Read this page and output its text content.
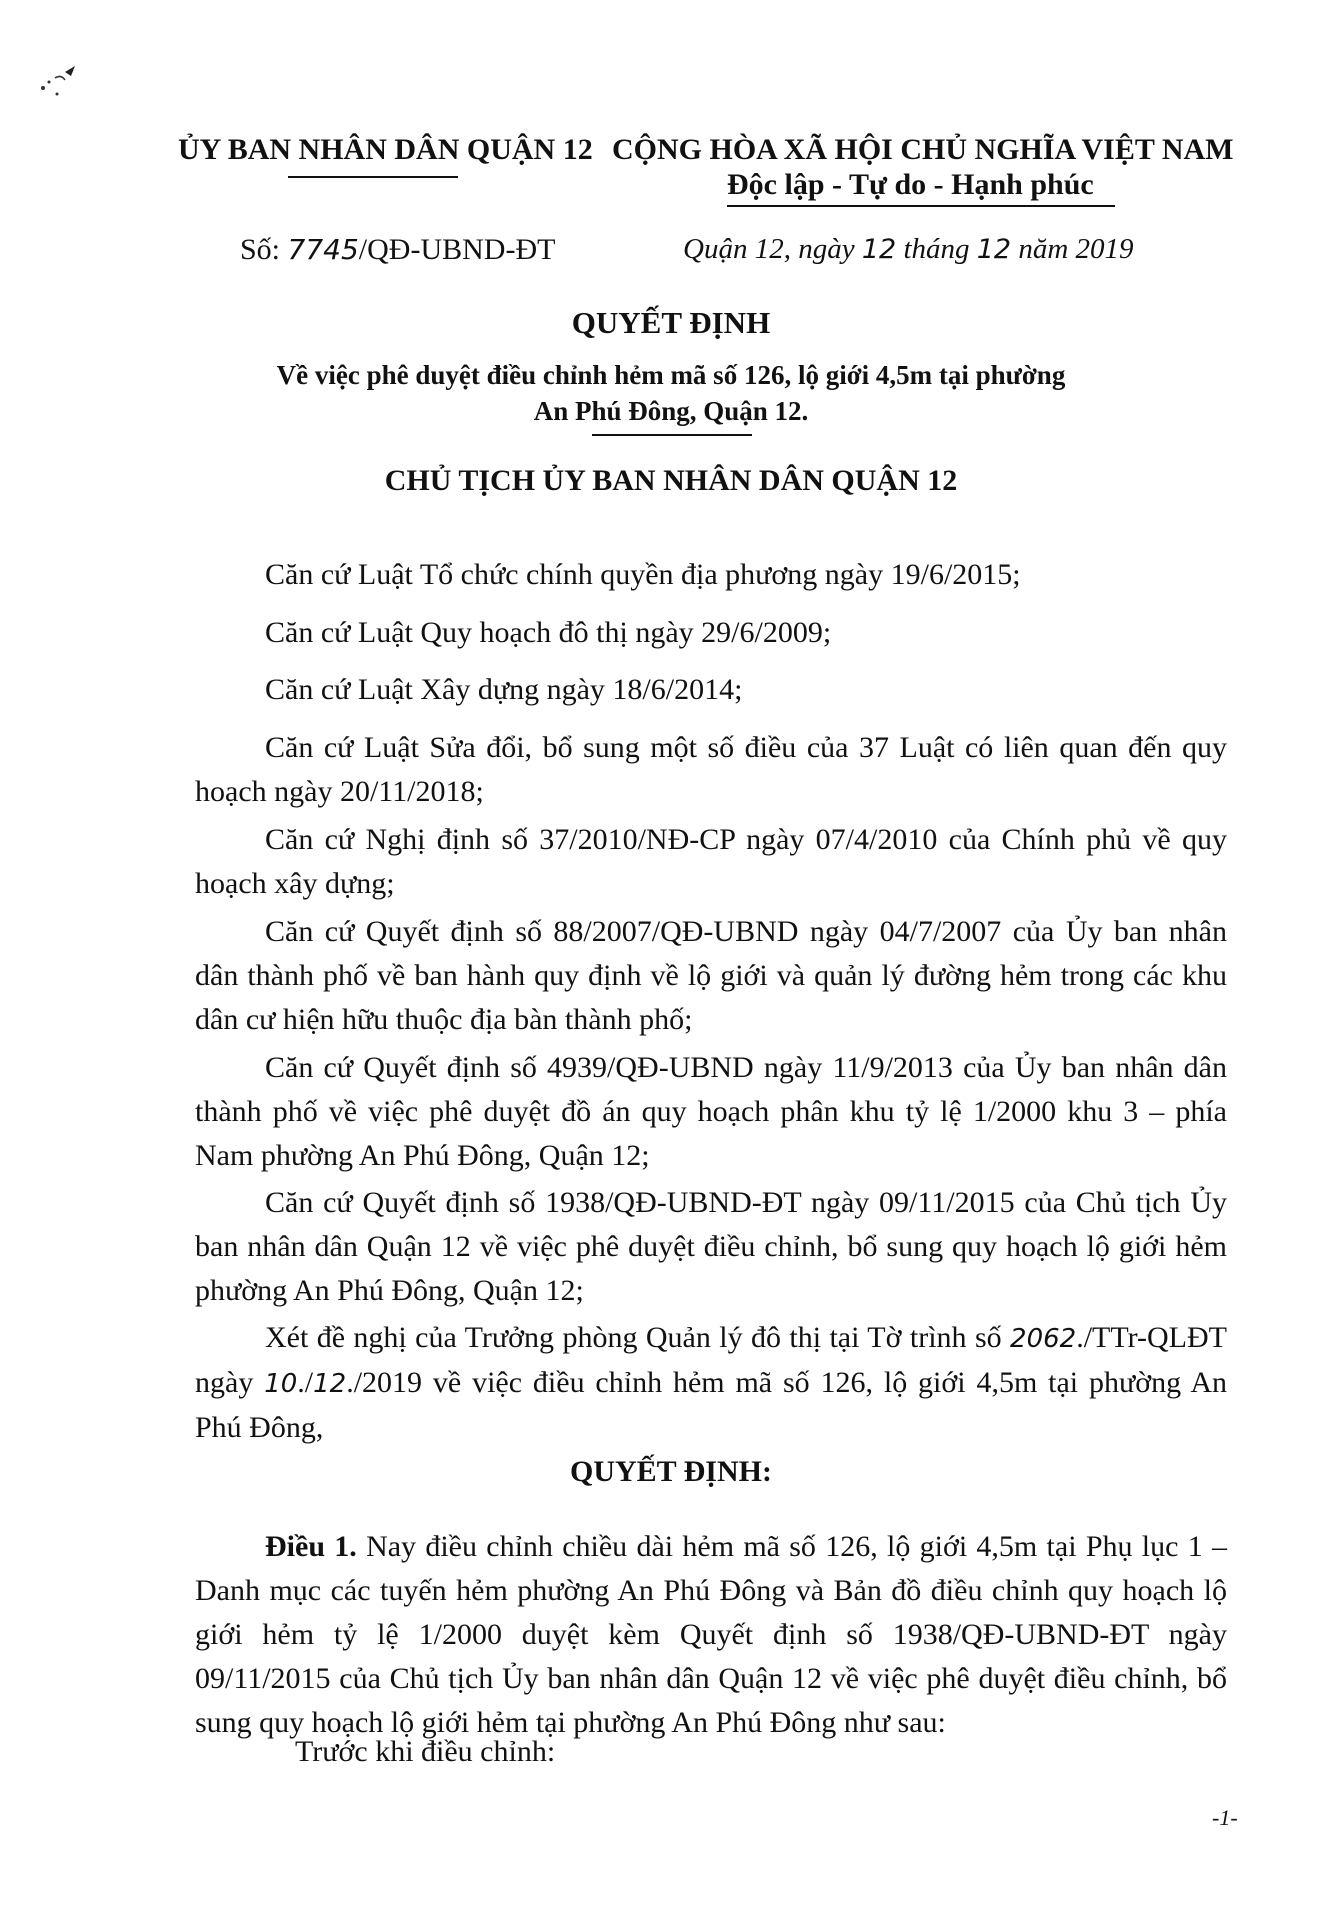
ỦY BAN NHÂN DÂN QUẬN 12 CỘNG HÒA XÃ HỘI CHỦ NGHĨA VIỆT NAM
Độc lập - Tự do - Hạnh phúc
Số: 7745/QĐ-UBND-ĐT	Quận 12, ngày 12 tháng 12 năm 2019
QUYẾT ĐỊNH
Về việc phê duyệt điều chỉnh hẻm mã số 126, lộ giới 4,5m tại phường
An Phú Đông, Quận 12.
CHỦ TỊCH ỦY BAN NHÂN DÂN QUẬN 12
Căn cứ Luật Tổ chức chính quyền địa phương ngày 19/6/2015;
Căn cứ Luật Quy hoạch đô thị ngày 29/6/2009;
Căn cứ Luật Xây dựng ngày 18/6/2014;
Căn cứ Luật Sửa đổi, bổ sung một số điều của 37 Luật có liên quan đến quy hoạch ngày 20/11/2018;
Căn cứ Nghị định số 37/2010/NĐ-CP ngày 07/4/2010 của Chính phủ về quy hoạch xây dựng;
Căn cứ Quyết định số 88/2007/QĐ-UBND ngày 04/7/2007 của Ủy ban nhân dân thành phố về ban hành quy định về lộ giới và quản lý đường hẻm trong các khu dân cư hiện hữu thuộc địa bàn thành phố;
Căn cứ Quyết định số 4939/QĐ-UBND ngày 11/9/2013 của Ủy ban nhân dân thành phố về việc phê duyệt đồ án quy hoạch phân khu tỷ lệ 1/2000 khu 3 – phía Nam phường An Phú Đông, Quận 12;
Căn cứ Quyết định số 1938/QĐ-UBND-ĐT ngày 09/11/2015 của Chủ tịch Ủy ban nhân dân Quận 12 về việc phê duyệt điều chỉnh, bổ sung quy hoạch lộ giới hẻm phường An Phú Đông, Quận 12;
Xét đề nghị của Trưởng phòng Quản lý đô thị tại Tờ trình số 2062./TTr-QLĐT ngày 10./12./2019 về việc điều chỉnh hẻm mã số 126, lộ giới 4,5m tại phường An Phú Đông,
QUYẾT ĐỊNH:
Điều 1. Nay điều chỉnh chiều dài hẻm mã số 126, lộ giới 4,5m tại Phụ lục 1 – Danh mục các tuyến hẻm phường An Phú Đông và Bản đồ điều chỉnh quy hoạch lộ giới hẻm tỷ lệ 1/2000 duyệt kèm Quyết định số 1938/QĐ-UBND-ĐT ngày 09/11/2015 của Chủ tịch Ủy ban nhân dân Quận 12 về việc phê duyệt điều chỉnh, bổ sung quy hoạch lộ giới hẻm tại phường An Phú Đông như sau:
Trước khi điều chỉnh:
-1-
